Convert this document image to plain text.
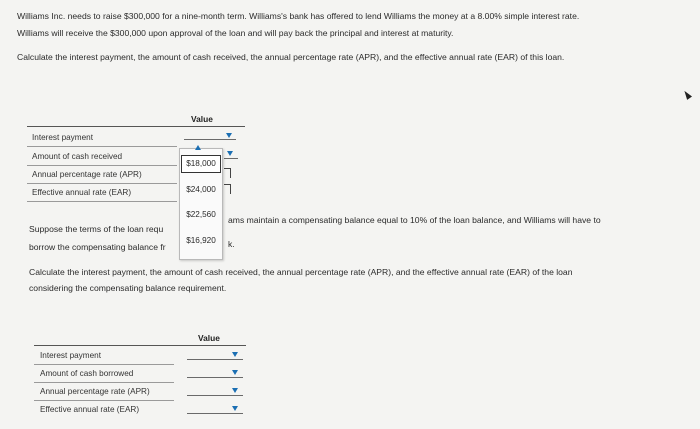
Williams Inc. needs to raise $300,000 for a nine-month term. Williams's bank has offered to lend Williams the money at a 8.00% simple interest rate.
Williams will receive the $300,000 upon approval of the loan and will pay back the principal and interest at maturity.
Calculate the interest payment, the amount of cash received, the annual percentage rate (APR), and the effective annual rate (EAR) of this loan.
Value
Interest payment
Amount of cash received
Annual percentage rate (APR)
Effective annual rate (EAR)
$18,000
$24,000
$22,560
$16,920
Suppose the terms of the loan requ
ams maintain a compensating balance equal to 10% of the loan balance, and Williams will have to
borrow the compensating balance fr	k.
Calculate the interest payment, the amount of cash received, the annual percentage rate (APR), and the effective annual rate (EAR) of the loan
considering the compensating balance requirement.
Value
Interest payment
Amount of cash borrowed
Annual percentage rate (APR)
Effective annual rate (EAR)
